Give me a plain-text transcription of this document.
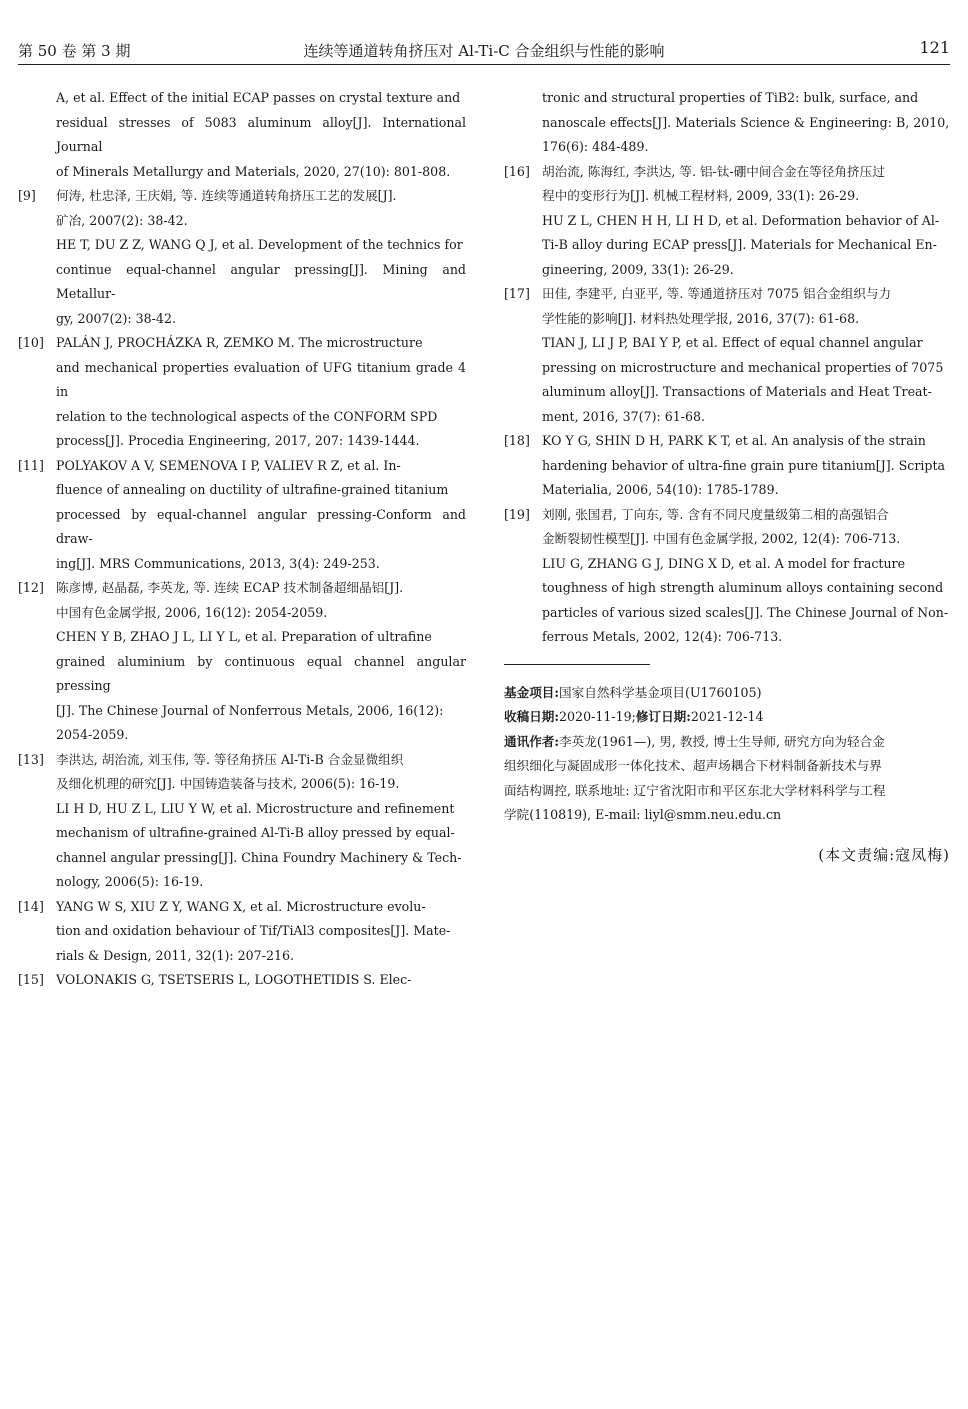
第 50 卷 第 3 期	连续等通道转角挤压对 Al-Ti-C 合金组织与性能的影响	121
A, et al. Effect of the initial ECAP passes on crystal texture and
residual stresses of 5083 aluminum alloy[J]. International Journal
of Minerals Metallurgy and Materials, 2020, 27(10): 801-808.
[9] 何涛, 杜忠泽, 王庆娟, 等. 连续等通道转角挤压工艺的发展[J].
矿冶, 2007(2): 38-42.
HE T, DU Z Z, WANG Q J, et al. Development of the technics for
continue equal-channel angular pressing[J]. Mining and Metallur-
gy, 2007(2): 38-42.
[10] PALÁN J, PROCHÁZKA R, ZEMKO M. The microstructure
and mechanical properties evaluation of UFG titanium grade 4 in
relation to the technological aspects of the CONFORM SPD
process[J]. Procedia Engineering, 2017, 207: 1439-1444.
[11] POLYAKOV A V, SEMENOVA I P, VALIEV R Z, et al. In-
fluence of annealing on ductility of ultrafine-grained titanium
processed by equal-channel angular pressing-Conform and draw-
ing[J]. MRS Communications, 2013, 3(4): 249-253.
[12] 陈彦博, 赵晶磊, 李英龙, 等. 连续 ECAP 技术制备超细晶铝[J].
中国有色金属学报, 2006, 16(12): 2054-2059.
CHEN Y B, ZHAO J L, LI Y L, et al. Preparation of ultrafine
grained aluminium by continuous equal channel angular pressing
[J]. The Chinese Journal of Nonferrous Metals, 2006, 16(12):
2054-2059.
[13] 李洪达, 胡治流, 刘玉伟, 等. 等径角挤压 Al-Ti-B 合金显微组织
及细化机理的研究[J]. 中国铸造装备与技术, 2006(5): 16-19.
LI H D, HU Z L, LIU Y W, et al. Microstructure and refinement
mechanism of ultrafine-grained Al-Ti-B alloy pressed by equal-
channel angular pressing[J]. China Foundry Machinery & Tech-
nology, 2006(5): 16-19.
[14] YANG W S, XIU Z Y, WANG X, et al. Microstructure evolu-
tion and oxidation behaviour of Tif/TiAl3 composites[J]. Mate-
rials & Design, 2011, 32(1): 207-216.
[15] VOLONAKIS G, TSETSERIS L, LOGOTHETIDIS S. Elec-
tronic and structural properties of TiB2: bulk, surface, and
nanoscale effects[J]. Materials Science & Engineering: B, 2010,
176(6): 484-489.
[16] 胡治流, 陈海红, 李洪达, 等. 铝-钛-硼中间合金在等径角挤压过
程中的变形行为[J]. 机械工程材料, 2009, 33(1): 26-29.
HU Z L, CHEN H H, LI H D, et al. Deformation behavior of Al-
Ti-B alloy during ECAP press[J]. Materials for Mechanical En-
gineering, 2009, 33(1): 26-29.
[17] 田佳, 李建平, 白亚平, 等. 等通道挤压对 7075 铝合金组织与力
学性能的影响[J]. 材料热处理学报, 2016, 37(7): 61-68.
TIAN J, LI J P, BAI Y P, et al. Effect of equal channel angular
pressing on microstructure and mechanical properties of 7075
aluminum alloy[J]. Transactions of Materials and Heat Treat-
ment, 2016, 37(7): 61-68.
[18] KO Y G, SHIN D H, PARK K T, et al. An analysis of the strain
hardening behavior of ultra-fine grain pure titanium[J]. Scripta
Materialia, 2006, 54(10): 1785-1789.
[19] 刘刚, 张国君, 丁向东, 等. 含有不同尺度量级第二相的高强铝合
金断裂韧性模型[J]. 中国有色金属学报, 2002, 12(4): 706-713.
LIU G, ZHANG G J, DING X D, et al. A model for fracture
toughness of high strength aluminum alloys containing second
particles of various sized scales[J]. The Chinese Journal of Non-
ferrous Metals, 2002, 12(4): 706-713.
基金项目:国家自然科学基金项目(U1760105)
收稿日期:2020-11-19;修订日期:2021-12-14
通讯作者:李英龙(1961—), 男, 教授, 博士生导师, 研究方向为轻合金
组织细化与凝固成形一体化技术、超声场耦合下材料制备新技术与界
面结构调控, 联系地址: 辽宁省沈阳市和平区东北大学材料科学与工程
学院(110819), E-mail: liyl@smm.neu.edu.cn
(本文责编:寇凤梅)
